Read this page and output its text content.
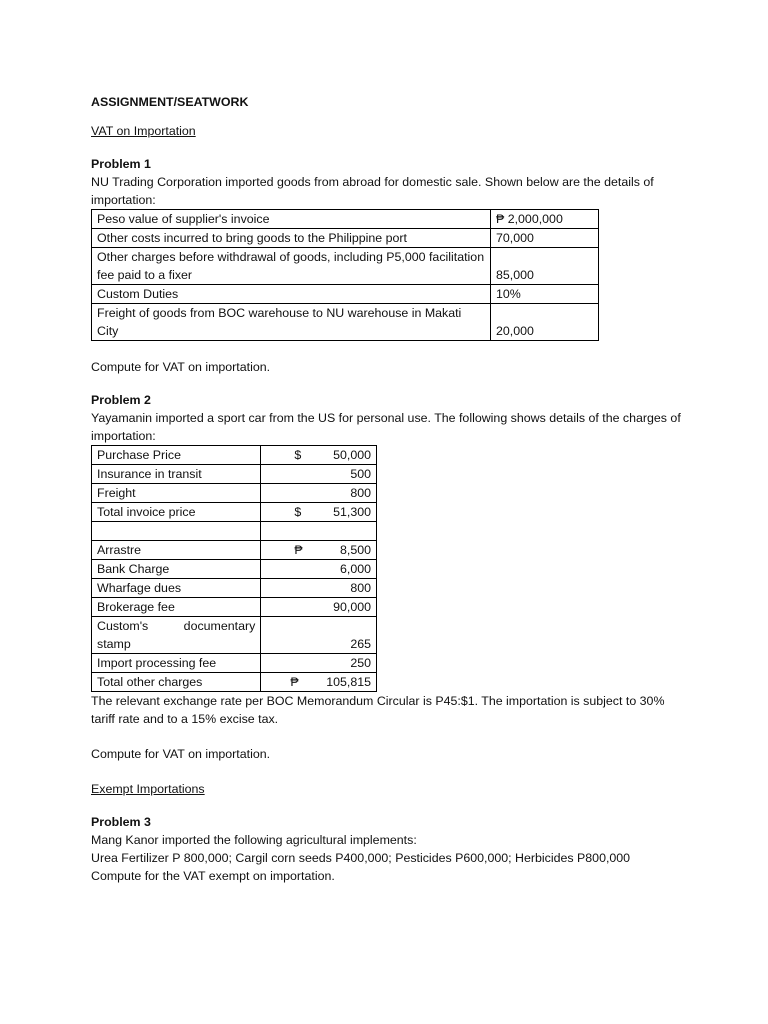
ASSIGNMENT/SEATWORK

VAT on Importation

Problem 1

NU Trading Corporation imported goods from abroad for domestic sale. Shown below are the details of importation:

Peso value of supplier's invoice	₱ 2,000,000
Other costs incurred to bring goods to the Philippine port	70,000
Other charges before withdrawal of goods, including P5,000 facilitation fee paid to a fixer	85,000
Custom Duties	10%
Freight of goods from BOC warehouse to NU warehouse in Makati City	20,000

Compute for VAT on importation.

Problem 2

Yayamanin imported a sport car from the US for personal use. The following shows details of the charges of importation:

Purchase Price	$ 50,000

Insurance in transit	500
Freight	800
Total invoice price	$ 51,300

Arrastre	₱ 8,500

Bank Charge	6,000
Wharfage dues	800
Brokerage fee	90,000

Custom's documentary
stamp	265
Import processing fee	250
Total other charges	₱ 105,815

The relevant exchange rate per BOC Memorandum Circular is P45:$1. The importation is subject to 30% tariff rate and to a 15% excise tax.

Compute for VAT on importation.

Exempt Importations

Problem 3

Mang Kanor imported the following agricultural implements:

Urea Fertilizer P 800,000; Cargil corn seeds P400,000; Pesticides P600,000; Herbicides P800,000

Compute for the VAT exempt on importation.
